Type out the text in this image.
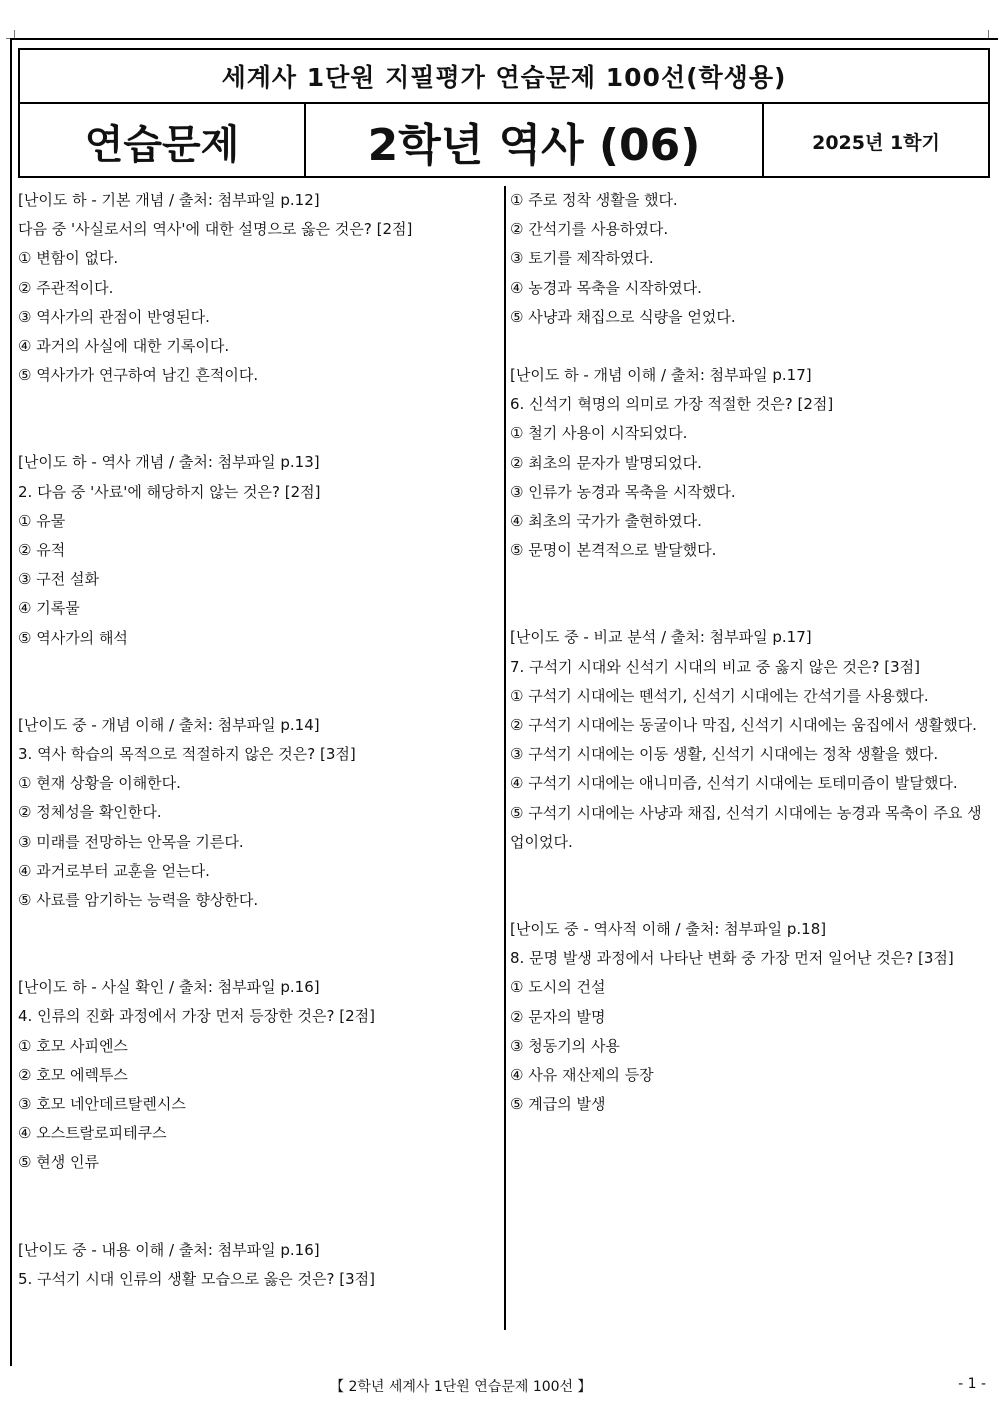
세계사 1단원 지필평가 연습문제 100선(학생용)
연습문제	2학년 역사 (06)	2025년 1학기
[난이도 하 - 기본 개념 / 출처: 첨부파일 p.12]
다음 중 '사실로서의 역사'에 대한 설명으로 옳은 것은? [2점]
① 변함이 없다.
② 주관적이다.
③ 역사가의 관점이 반영된다.
④ 과거의 사실에 대한 기록이다.
⑤ 역사가가 연구하여 남긴 흔적이다.
[난이도 하 - 역사 개념 / 출처: 첨부파일 p.13]
2. 다음 중 '사료'에 해당하지 않는 것은? [2점]
① 유물
② 유적
③ 구전 설화
④ 기록물
⑤ 역사가의 해석
[난이도 중 - 개념 이해 / 출처: 첨부파일 p.14]
3. 역사 학습의 목적으로 적절하지 않은 것은? [3점]
① 현재 상황을 이해한다.
② 정체성을 확인한다.
③ 미래를 전망하는 안목을 기른다.
④ 과거로부터 교훈을 얻는다.
⑤ 사료를 암기하는 능력을 향상한다.
[난이도 하 - 사실 확인 / 출처: 첨부파일 p.16]
4. 인류의 진화 과정에서 가장 먼저 등장한 것은? [2점]
① 호모 사피엔스
② 호모 에렉투스
③ 호모 네안데르탈렌시스
④ 오스트랄로피테쿠스
⑤ 현생 인류
[난이도 중 - 내용 이해 / 출처: 첨부파일 p.16]
5. 구석기 시대 인류의 생활 모습으로 옳은 것은? [3점]
① 주로 정착 생활을 했다.
② 간석기를 사용하였다.
③ 토기를 제작하였다.
④ 농경과 목축을 시작하였다.
⑤ 사냥과 채집으로 식량을 얻었다.
[난이도 하 - 개념 이해 / 출처: 첨부파일 p.17]
6. 신석기 혁명의 의미로 가장 적절한 것은? [2점]
① 철기 사용이 시작되었다.
② 최초의 문자가 발명되었다.
③ 인류가 농경과 목축을 시작했다.
④ 최초의 국가가 출현하였다.
⑤ 문명이 본격적으로 발달했다.
[난이도 중 - 비교 분석 / 출처: 첨부파일 p.17]
7. 구석기 시대와 신석기 시대의 비교 중 옳지 않은 것은? [3점]
① 구석기 시대에는 뗀석기, 신석기 시대에는 간석기를 사용했다.
② 구석기 시대에는 동굴이나 막집, 신석기 시대에는 움집에서 생활했다.
③ 구석기 시대에는 이동 생활, 신석기 시대에는 정착 생활을 했다.
④ 구석기 시대에는 애니미즘, 신석기 시대에는 토테미즘이 발달했다.
⑤ 구석기 시대에는 사냥과 채집, 신석기 시대에는 농경과 목축이 주요 생업이었다.
[난이도 중 - 역사적 이해 / 출처: 첨부파일 p.18]
8. 문명 발생 과정에서 나타난 변화 중 가장 먼저 일어난 것은? [3점]
① 도시의 건설
② 문자의 발명
③ 청동기의 사용
④ 사유 재산제의 등장
⑤ 계급의 발생
【 2학년 세계사 1단원 연습문제 100선 】	- 1 -
